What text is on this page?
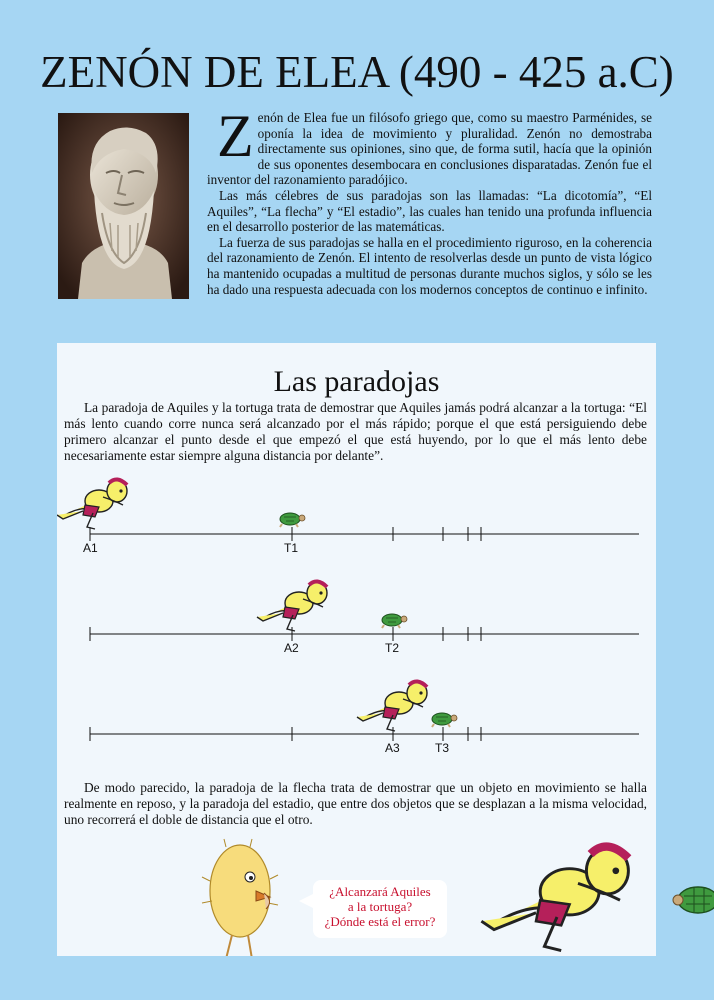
ZENÓN DE ELEA (490 - 425 a.C)

Zenón de Elea fue un filósofo griego que, como su maestro Parménides, se oponía la idea de movimiento y pluralidad. Zenón no demostraba directamente sus opiniones, sino que, de forma sutil, hacía que la opinión de sus oponentes desembocara en conclusiones disparatadas. Zenón fue el inventor del razonamiento paradójico.

Las más célebres de sus paradojas son las llamadas: “La dicotomía”, “El Aquiles”, “La flecha” y “El estadio”, las cuales han tenido una profunda influencia en el desarrollo posterior de las matemáticas.

La fuerza de sus paradojas se halla en el procedimiento riguroso, en la coherencia del razonamiento de Zenón. El intento de resolverlas desde un punto de vista lógico ha mantenido ocupadas a multitud de personas durante muchos siglos, y sólo se les ha dado una respuesta adecuada con los modernos conceptos de continuo e infinito.

Las paradojas

La paradoja de Aquiles y la tortuga trata de demostrar que Aquiles jamás podrá alcanzar a la tortuga: “El más lento cuando corre nunca será alcanzado por el más rápido; porque el que está persiguiendo debe primero alcanzar el punto desde el que empezó el que está huyendo, por lo que el más lento debe necesariamente estar siempre alguna distancia por delante”.

A1	T1
A2	T2
A3	T3

De modo parecido, la paradoja de la flecha trata de demostrar que un objeto en movimiento se halla realmente en reposo, y la paradoja del estadio, que entre dos objetos que se desplazan a la misma velocidad, uno recorrerá el doble de distancia que el otro.

¿Alcanzará Aquiles
a la tortuga?
¿Dónde está el error?
